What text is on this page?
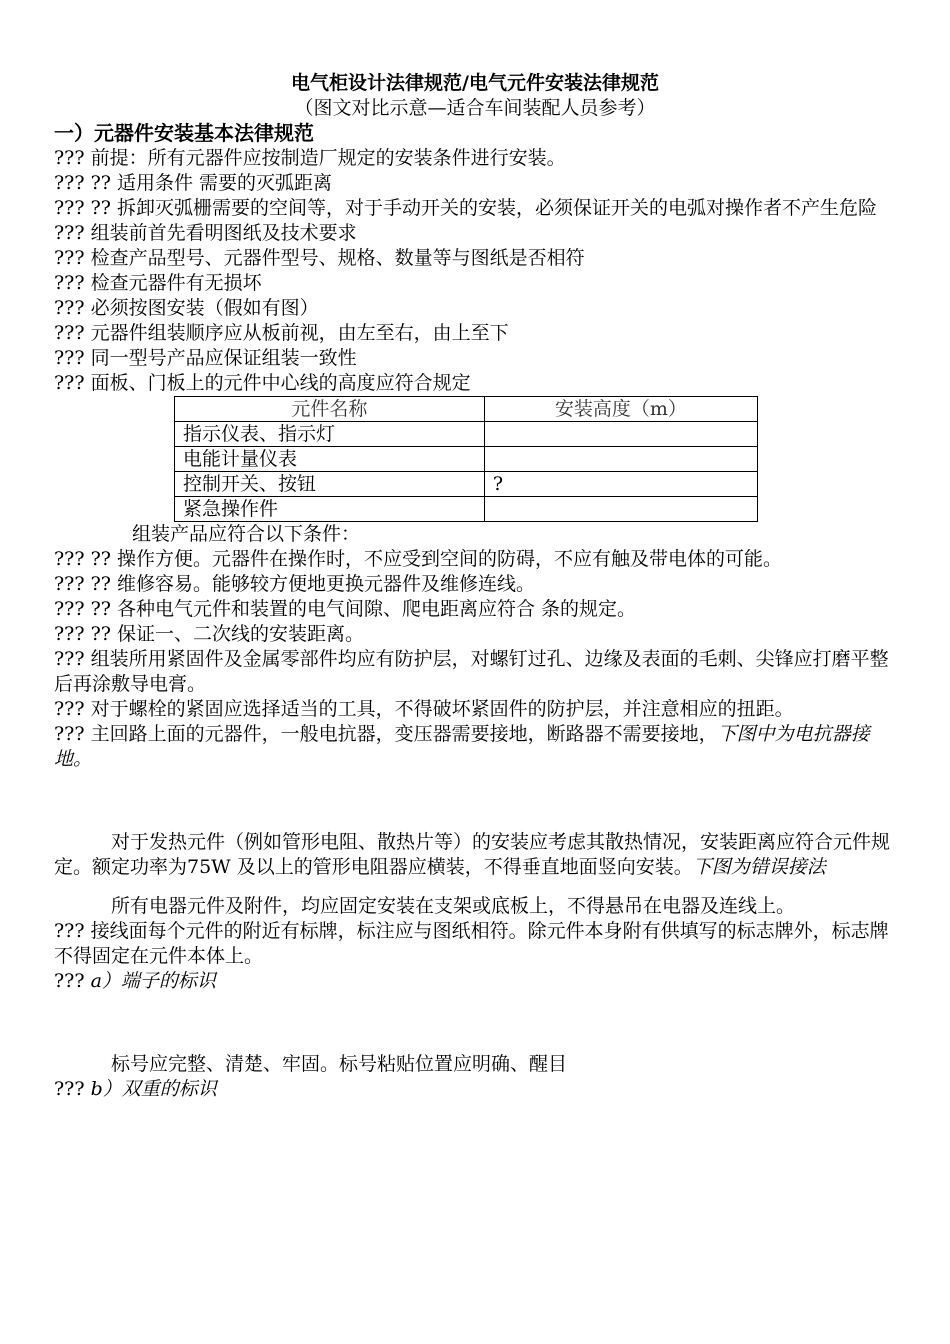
电气柜设计法律规范/电气元件安装法律规范
（图文对比示意—适合车间装配人员参考）
一）元器件安装基本法律规范

??? 前提：所有元器件应按制造厂规定的安装条件进行安装。

??? ?? 适用条件 需要的灭弧距离

??? ?? 拆卸灭弧栅需要的空间等，对于手动开关的安装，必须保证开关的电弧对操作者不产生危险

??? 组装前首先看明图纸及技术要求

??? 检查产品型号、元器件型号、规格、数量等与图纸是否相符

??? 检查元器件有无损坏

??? 必须按图安装（假如有图）

??? 元器件组装顺序应从板前视，由左至右，由上至下

??? 同一型号产品应保证组装一致性

??? 面板、门板上的元件中心线的高度应符合规定

元件名称	安装高度（m）
指示仪表、指示灯	
电能计量仪表	
控制开关、按钮	?
紧急操作件	

组装产品应符合以下条件：

??? ?? 操作方便。元器件在操作时，不应受到空间的防碍，不应有触及带电体的可能。

??? ?? 维修容易。能够较方便地更换元器件及维修连线。

??? ?? 各种电气元件和装置的电气间隙、爬电距离应符合 条的规定。

??? ?? 保证一、二次线的安装距离。

??? 组装所用紧固件及金属零部件均应有防护层，对螺钉过孔、边缘及表面的毛刺、尖锋应打磨平整后再涂敷导电膏。

??? 对于螺栓的紧固应选择适当的工具，不得破坏紧固件的防护层，并注意相应的扭距。

??? 主回路上面的元器件，一般电抗器，变压器需要接地，断路器不需要接地，下图中为电抗器接地。

对于发热元件（例如管形电阻、散热片等）的安装应考虑其散热情况，安装距离应符合元件规定。额定功率为75W 及以上的管形电阻器应横装，不得垂直地面竖向安装。下图为错误接法

所有电器元件及附件，均应固定安装在支架或底板上，不得悬吊在电器及连线上。

??? 接线面每个元件的附近有标牌，标注应与图纸相符。除元件本身附有供填写的标志牌外，标志牌不得固定在元件本体上。

??? a）端子的标识

标号应完整、清楚、牢固。标号粘贴位置应明确、醒目

??? b）双重的标识
